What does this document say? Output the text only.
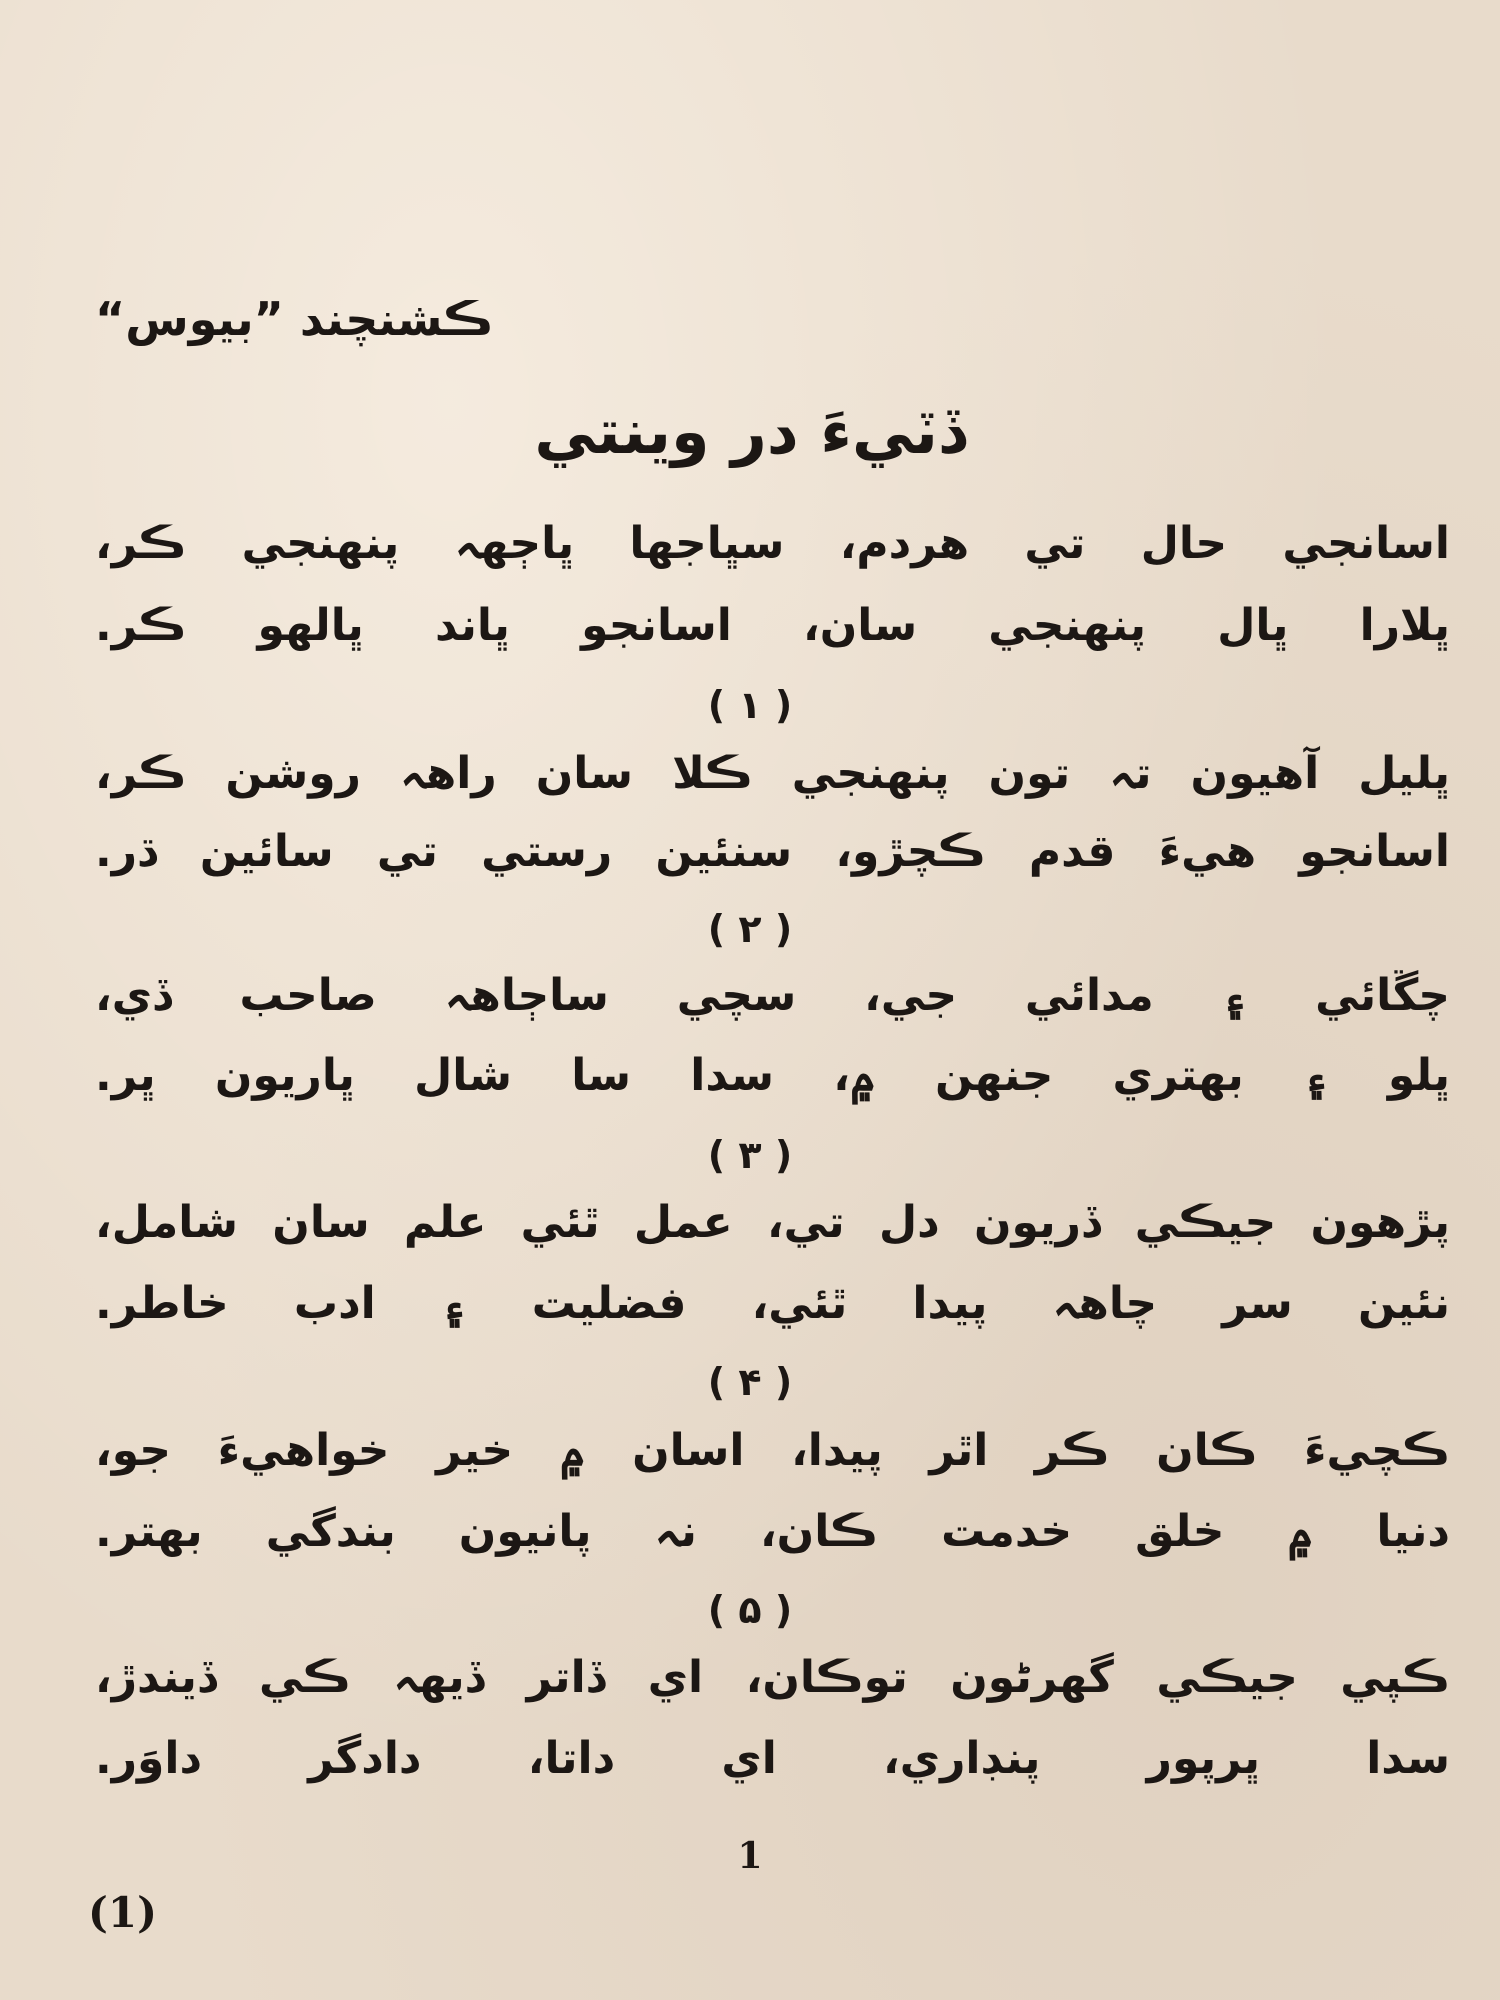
ڪشنچند ”بيوس“
ڏٽيءَ در وينتي
اسانجي حال تي هردم، سڀاجها ڀاڄهہ پنهنجي ڪر،
ڀلارا ڀال پنهنجي سان، اسانجو ڀاند ڀالهو ڪر.
( ١ )
ڀليل آهيون تہ تون پنهنجي ڪلا سان راهہ روشن ڪر،
اسانجو هيءَ قدم ڪچڙو، سنئين رستي تي سائين ڌر.
( ٢ )
چڱائي ۽ مدائي جي، سچي ساڄاهہ صاحب ڏي،
ڀلو ۽ بهتري جنهن ۾، سدا سا شال ڀاريون ڀر.
( ٣ )
پڙهون جيڪي ڏريون دل تي، عمل ٿئي علم سان شامل،
نئين سر چاهہ پيدا ٿئي، فضليت ۽ ادب خاطر.
( ۴ )
ڪچيءَ ڪان ڪر اٿر پيدا، اسان ۾ خير خواهيءَ جو،
دنيا ۾ خلق خدمت ڪان، نہ پانيون بندگي بهتر.
( ۵ )
ڪپي جيڪي گهرڻون توڪان، اي ڏاتر ڏيهہ ڪي ڏيندڙ،
سدا ڀرپور پنڊاري، اي داتا، دادگر داوَر.
1
(1)
